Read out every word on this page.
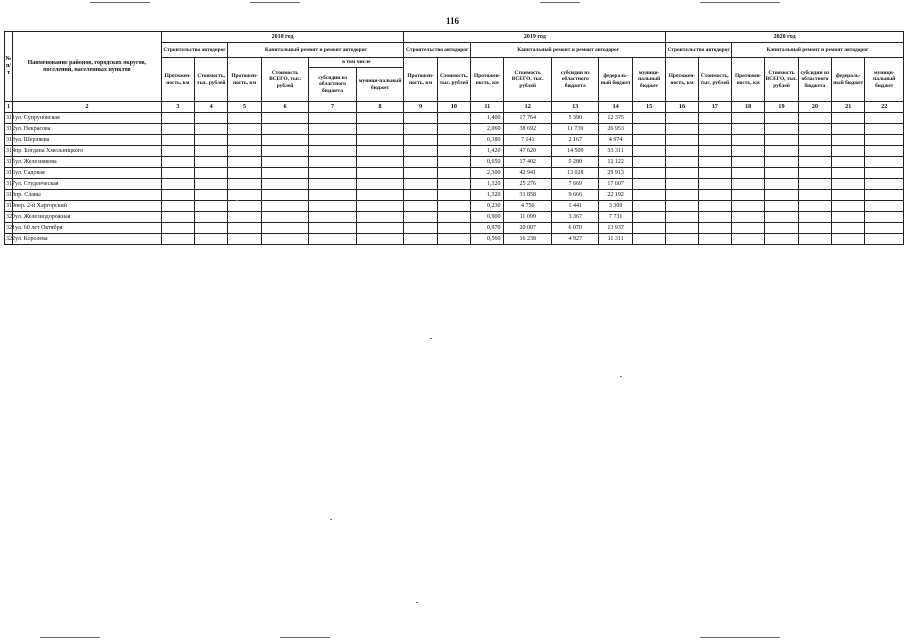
116
№ п/т	Наименование районов, городских округов, поселений, населенных пунктов	2018 год						2019 год							2020 год						
		Строительство автодорог		Капитальный ремонт и ремонт автодорог				Строительство автодорог		Капитальный ремонт и ремонт автодорог					Строительство автодорог		Капитальный ремонт и ремонт автодорог				
		Протяжен-ность, км	Стоимость, тыс. рублей	Протяжен-ность, км	Стоимость ВСЕГО, тыс. рублей	в том числе		Протяжен-ность, км	Стоимость, тыс. рублей	Протяжен-ность, км	Стоимость ВСЕГО, тыс. рублей	субсидии из областного бюджета	федераль-ный бюджет	муници-пальный бюджет	Протяжен-ность, км	Стоимость, тыс. рублей	Протяжен-ность, км	Стоимость ВСЕГО, тыс. рублей	субсидии из областного бюджета	федераль-ный бюджет	муници-пальный бюджет
						субсидии из областного бюджета	муници-пальный бюджет														
1	2	3	4	5	6	7	8	9	10	11	12	13	14	15	16	17	18	19	20	21	22
311	ул. Супруновская									1,400	17 764	5 390	12 375								
312	ул. Некрасова									2,060	38 692	11 739	26 953								
313	ул. Шерляева									0,380	7 141	2 167	4 974								
314	пр. Богдана Хмельницкого									1,420	47 620	14 509	33 311								
315	ул. Железнякова									0,650	17 402	5 280	12 122								
316	ул. Садовая									2,300	42 941	13 028	29 913								
317	ул. Студенческая									1,320	25 276	7 669	17 607								
318	пр. Славы									1,320	31 858	9 666	22 192								
319	пер. 2-й Харгорский									0,230	4 750	1 441	3 309								
320	ул. Железнодорожная									0,900	11 099	3 367	7 731								
321	ул. 60 лет Октября									0,970	20 007	6 070	13 937								
322	ул. Королева									0,560	16 238	4 927	11 311								
